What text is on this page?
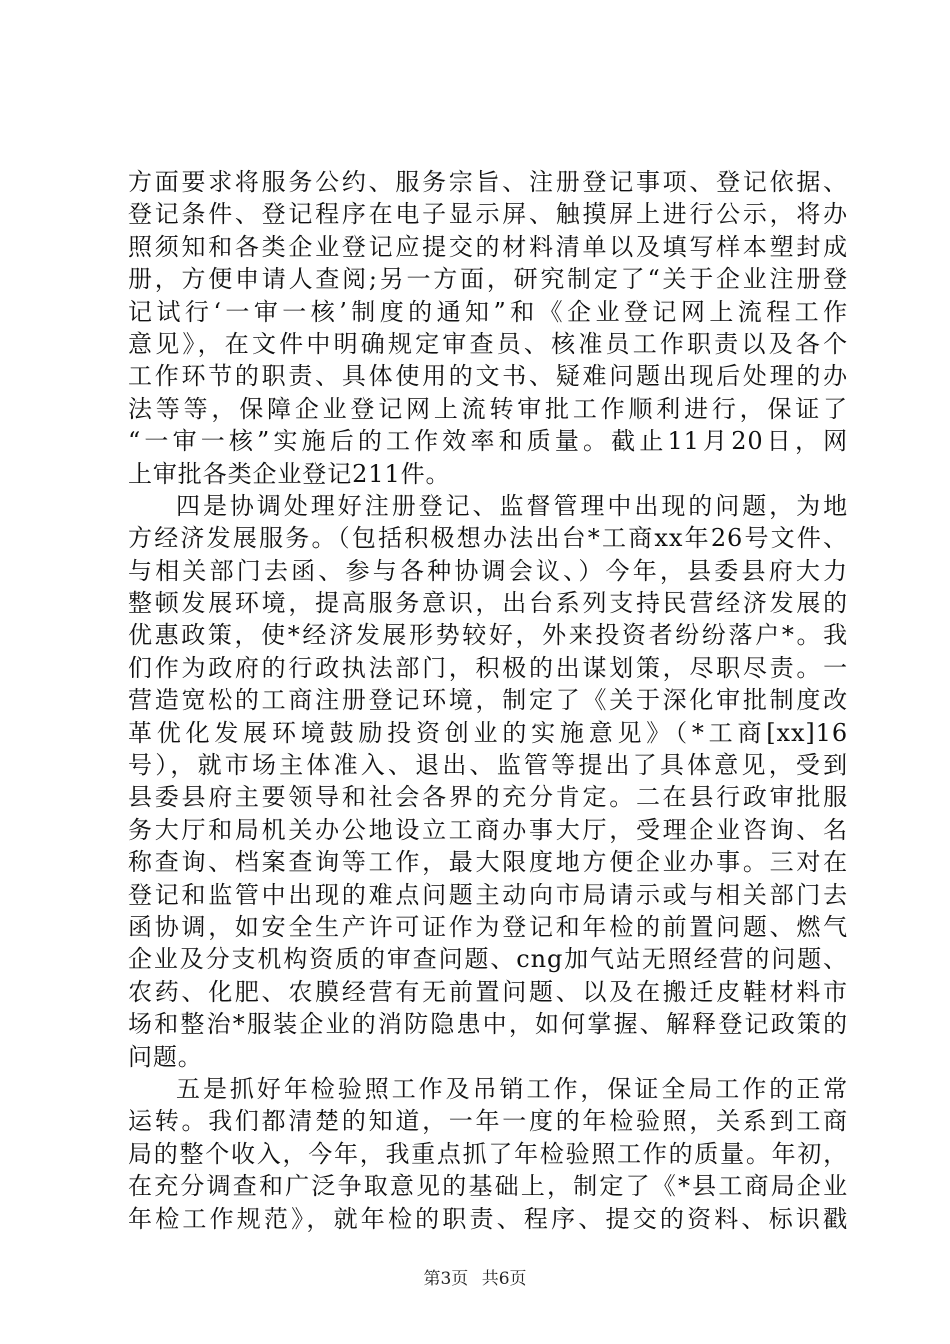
方面要求将服务公约、服务宗旨、注册登记事项、登记依据、
登记条件、登记程序在电子显示屏、触摸屏上进行公示，将办
照须知和各类企业登记应提交的材料清单以及填写样本塑封成
册，方便申请人查阅;另一方面，研究制定了“关于企业注册登
记试行‘一审一核’制度的通知”和《企业登记网上流程工作
意见》，在文件中明确规定审查员、核准员工作职责以及各个
工作环节的职责、具体使用的文书、疑难问题出现后处理的办
法等等，保障企业登记网上流转审批工作顺利进行，保证了
“一审一核”实施后的工作效率和质量。截止11月20日，网
上审批各类企业登记211件。
四是协调处理好注册登记、监督管理中出现的问题，为地
方经济发展服务。（包括积极想办法出台*工商xx年26号文件、
与相关部门去函、参与各种协调会议、）今年，县委县府大力
整顿发展环境，提高服务意识，出台系列支持民营经济发展的
优惠政策，使*经济发展形势较好，外来投资者纷纷落户*。我
们作为政府的行政执法部门，积极的出谋划策，尽职尽责。一
营造宽松的工商注册登记环境，制定了《关于深化审批制度改
革优化发展环境鼓励投资创业的实施意见》（*工商[xx]16
号），就市场主体准入、退出、监管等提出了具体意见，受到
县委县府主要领导和社会各界的充分肯定。二在县行政审批服
务大厅和局机关办公地设立工商办事大厅，受理企业咨询、名
称查询、档案查询等工作，最大限度地方便企业办事。三对在
登记和监管中出现的难点问题主动向市局请示或与相关部门去
函协调，如安全生产许可证作为登记和年检的前置问题、燃气
企业及分支机构资质的审查问题、cng加气站无照经营的问题、
农药、化肥、农膜经营有无前置问题、以及在搬迁皮鞋材料市
场和整治*服装企业的消防隐患中，如何掌握、解释登记政策的
问题。
五是抓好年检验照工作及吊销工作，保证全局工作的正常
运转。我们都清楚的知道，一年一度的年检验照，关系到工商
局的整个收入，今年，我重点抓了年检验照工作的质量。年初，
在充分调查和广泛争取意见的基础上，制定了《*县工商局企业
年检工作规范》，就年检的职责、程序、提交的资料、标识戳
第3页 共6页
